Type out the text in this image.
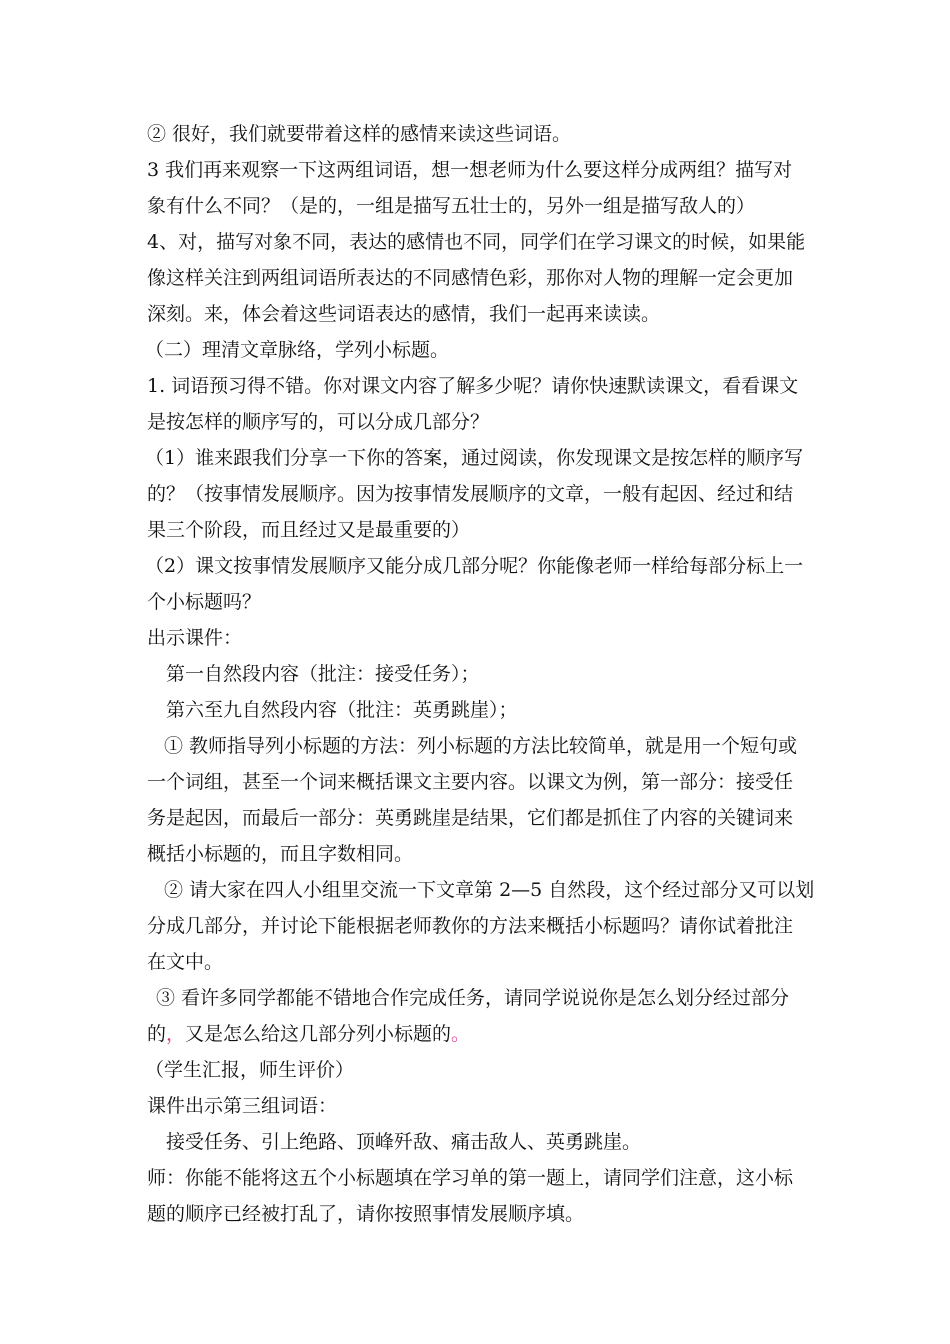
② 很好，我们就要带着这样的感情来读这些词语。
3 我们再来观察一下这两组词语，想一想老师为什么要这样分成两组？描写对
象有什么不同？（是的，一组是描写五壮士的，另外一组是描写敌人的）
4、对，描写对象不同，表达的感情也不同，同学们在学习课文的时候，如果能
像这样关注到两组词语所表达的不同感情色彩，那你对人物的理解一定会更加
深刻。来，体会着这些词语表达的感情，我们一起再来读读。
（二）理清文章脉络，学列小标题。
1. 词语预习得不错。你对课文内容了解多少呢？请你快速默读课文，看看课文
是按怎样的顺序写的，可以分成几部分？
（1）谁来跟我们分享一下你的答案，通过阅读，你发现课文是按怎样的顺序写
的？（按事情发展顺序。因为按事情发展顺序的文章，一般有起因、经过和结
果三个阶段，而且经过又是最重要的）
（2）课文按事情发展顺序又能分成几部分呢？你能像老师一样给每部分标上一
个小标题吗？
出示课件：
第一自然段内容（批注：接受任务）；
第六至九自然段内容（批注：英勇跳崖）；
① 教师指导列小标题的方法：列小标题的方法比较简单，就是用一个短句或
一个词组，甚至一个词来概括课文主要内容。以课文为例，第一部分：接受任
务是起因，而最后一部分：英勇跳崖是结果，它们都是抓住了内容的关键词来
概括小标题的，而且字数相同。
② 请大家在四人小组里交流一下文章第 2—5 自然段，这个经过部分又可以划
分成几部分，并讨论下能根据老师教你的方法来概括小标题吗？请你试着批注
在文中。
③ 看许多同学都能不错地合作完成任务，请同学说说你是怎么划分经过部分
的，又是怎么给这几部分列小标题的。
（学生汇报，师生评价）
课件出示第三组词语：
接受任务、引上绝路、顶峰歼敌、痛击敌人、英勇跳崖。
师：你能不能将这五个小标题填在学习单的第一题上，请同学们注意，这小标
题的顺序已经被打乱了，请你按照事情发展顺序填。
